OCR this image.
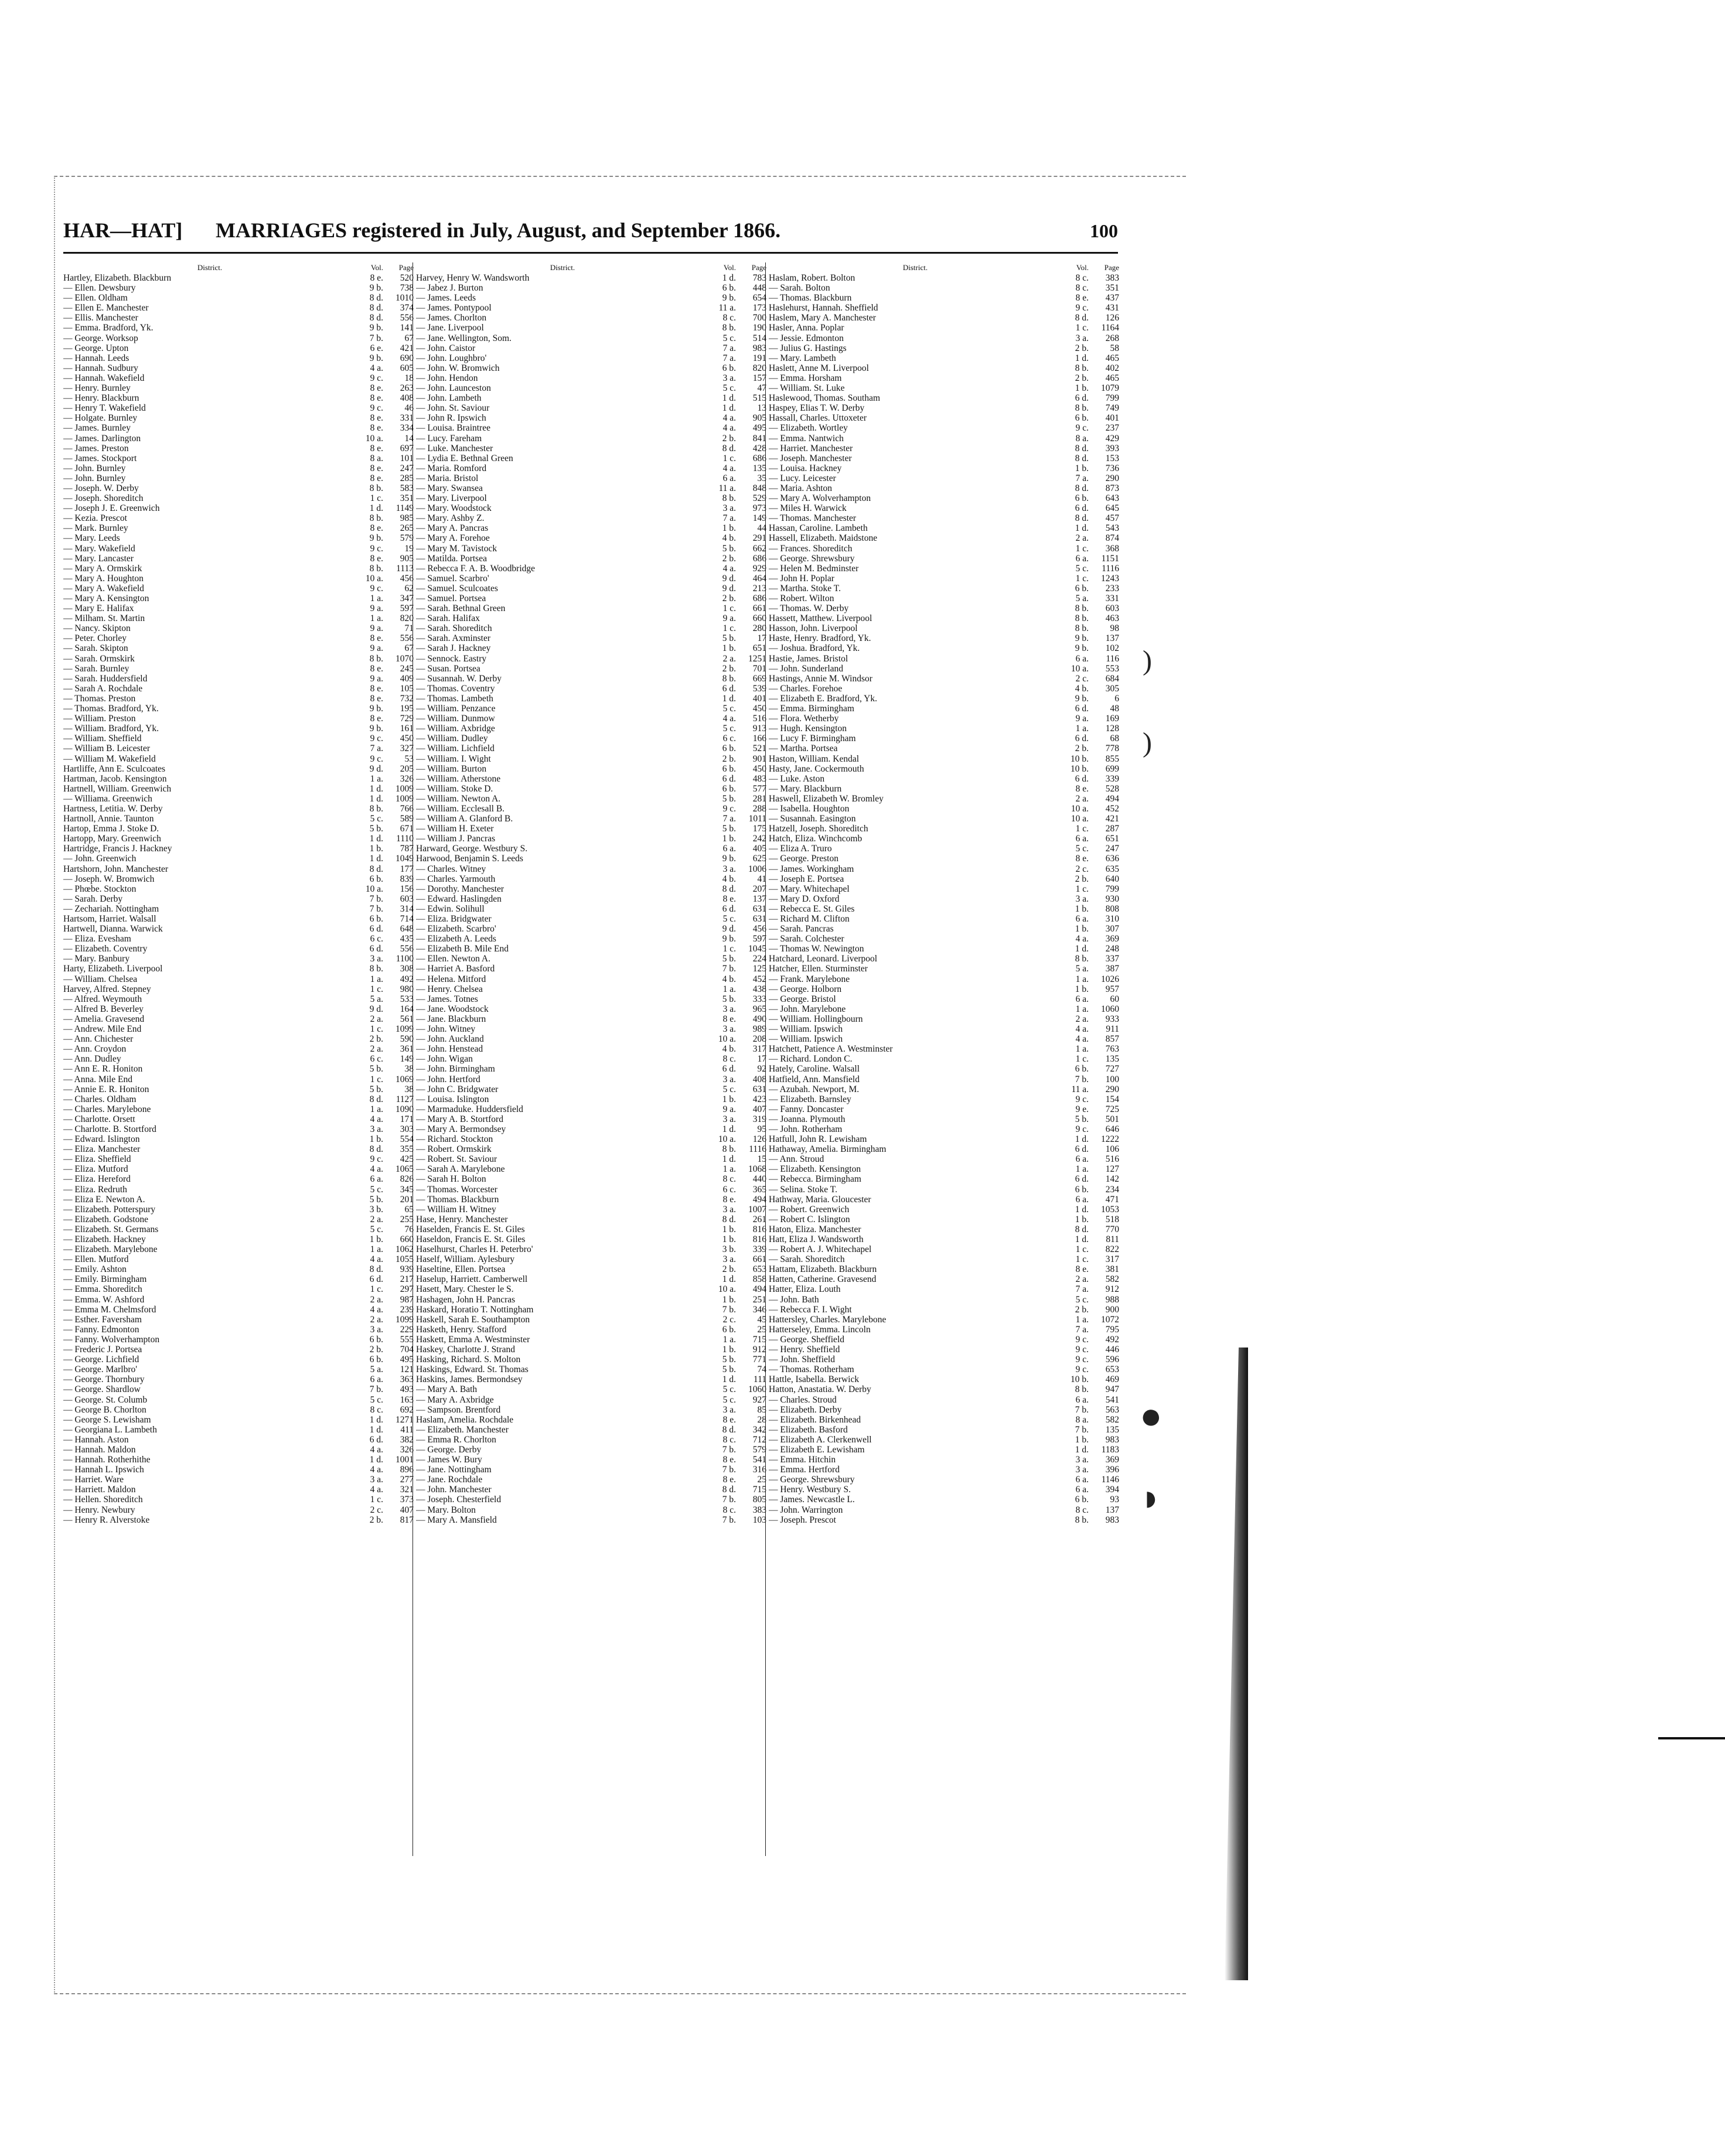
HAR—HAT]	MARRIAGES registered in July, August, and September 1866.	100
District.	Vol.	Page
Hartley, Elizabeth. Blackburn	8 e.	520
— Ellen. Dewsbury	9 b.	738
— Ellen. Oldham	8 d.	1010
— Ellen E. Manchester	8 d.	374
— Ellis. Manchester	8 d.	556
— Emma. Bradford, Yk.	9 b.	141
— George. Worksop	7 b.	67
— George. Upton	6 e.	421
— Hannah. Leeds	9 b.	690
— Hannah. Sudbury	4 a.	605
— Hannah. Wakefield	9 c.	18
— Henry. Burnley	8 e.	263
— Henry. Blackburn	8 e.	408
— Henry T. Wakefield	9 c.	46
— Holgate. Burnley	8 e.	331
— James. Burnley	8 e.	334
— James. Darlington	10 a.	14
— James. Preston	8 e.	697
— James. Stockport	8 a.	101
— John. Burnley	8 e.	247
— John. Burnley	8 e.	285
— Joseph. W. Derby	8 b.	583
— Joseph. Shoreditch	1 c.	351
— Joseph J. E. Greenwich	1 d.	1149
— Kezia. Prescot	8 b.	985
— Mark. Burnley	8 e.	265
— Mary. Leeds	9 b.	579
— Mary. Wakefield	9 c.	19
— Mary. Lancaster	8 e.	905
— Mary A. Ormskirk	8 b.	1113
— Mary A. Houghton	10 a.	456
— Mary A. Wakefield	9 c.	62
— Mary A. Kensington	1 a.	347
— Mary E. Halifax	9 a.	597
— Milham. St. Martin	1 a.	820
— Nancy. Skipton	9 a.	71
— Peter. Chorley	8 e.	556
— Sarah. Skipton	9 a.	67
— Sarah. Ormskirk	8 b.	1070
— Sarah. Burnley	8 e.	245
— Sarah. Huddersfield	9 a.	409
— Sarah A. Rochdale	8 e.	105
— Thomas. Preston	8 e.	732
— Thomas. Bradford, Yk.	9 b.	195
— William. Preston	8 e.	729
— William. Bradford, Yk.	9 b.	161
— William. Sheffield	9 c.	450
— William B. Leicester	7 a.	327
— William M. Wakefield	9 c.	53
Hartliffe, Ann E. Sculcoates	9 d.	205
Hartman, Jacob. Kensington	1 a.	326
Hartnell, William. Greenwich	1 d.	1009
— Williama. Greenwich	1 d.	1009
Hartness, Letitia. W. Derby	8 b.	766
Hartnoll, Annie. Taunton	5 c.	589
Hartop, Emma J. Stoke D.	5 b.	671
Hartopp, Mary. Greenwich	1 d.	1110
Hartridge, Francis J. Hackney	1 b.	787
— John. Greenwich	1 d.	1049
Hartshorn, John. Manchester	8 d.	177
— Joseph. W. Bromwich	6 b.	839
— Phœbe. Stockton	10 a.	156
— Sarah. Derby	7 b.	603
— Zechariah. Nottingham	7 b.	314
Hartsom, Harriet. Walsall	6 b.	714
Hartwell, Dianna. Warwick	6 d.	648
— Eliza. Evesham	6 c.	435
— Elizabeth. Coventry	6 d.	556
— Mary. Banbury	3 a.	1100
Harty, Elizabeth. Liverpool	8 b.	308
— William. Chelsea	1 a.	492
Harvey, Alfred. Stepney	1 c.	980
— Alfred. Weymouth	5 a.	533
— Alfred B. Beverley	9 d.	164
— Amelia. Gravesend	2 a.	561
— Andrew. Mile End	1 c.	1099
— Ann. Chichester	2 b.	590
— Ann. Croydon	2 a.	361
— Ann. Dudley	6 c.	149
— Ann E. R. Honiton	5 b.	38
— Anna. Mile End	1 c.	1069
— Annie E. R. Honiton	5 b.	38
— Charles. Oldham	8 d.	1127
— Charles. Marylebone	1 a.	1090
— Charlotte. Orsett	4 a.	171
— Charlotte. B. Stortford	3 a.	303
— Edward. Islington	1 b.	554
— Eliza. Manchester	8 d.	355
— Eliza. Sheffield	9 c.	425
— Eliza. Mutford	4 a.	1065
— Eliza. Hereford	6 a.	826
— Eliza. Redruth	5 c.	345
— Eliza E. Newton A.	5 b.	201
— Elizabeth. Potterspury	3 b.	65
— Elizabeth. Godstone	2 a.	255
— Elizabeth. St. Germans	5 c.	76
— Elizabeth. Hackney	1 b.	660
— Elizabeth. Marylebone	1 a.	1062
— Ellen. Mutford	4 a.	1055
— Emily. Ashton	8 d.	939
— Emily. Birmingham	6 d.	217
— Emma. Shoreditch	1 c.	297
— Emma. W. Ashford	2 a.	987
— Emma M. Chelmsford	4 a.	239
— Esther. Faversham	2 a.	1099
— Fanny. Edmonton	3 a.	229
— Fanny. Wolverhampton	6 b.	555
— Frederic J. Portsea	2 b.	704
— George. Lichfield	6 b.	495
— George. Marlbro'	5 a.	121
— George. Thornbury	6 a.	363
— George. Shardlow	7 b.	493
— George. St. Columb	5 c.	163
— George B. Chorlton	8 c.	692
— George S. Lewisham	1 d.	1271
— Georgiana L. Lambeth	1 d.	411
— Hannah. Aston	6 d.	382
— Hannah. Maldon	4 a.	326
— Hannah. Rotherhithe	1 d.	1001
— Hannah L. Ipswich	4 a.	896
— Harriet. Ware	3 a.	277
— Harriett. Maldon	4 a.	321
— Hellen. Shoreditch	1 c.	373
— Henry. Newbury	2 c.	407
— Henry R. Alverstoke	2 b.	817
District.	Vol.	Page
Harvey, Henry W. Wandsworth	1 d.	783
— Jabez J. Burton	6 b.	448
— James. Leeds	9 b.	654
— James. Pontypool	11 a.	173
— James. Chorlton	8 c.	700
— Jane. Liverpool	8 b.	190
— Jane. Wellington, Som.	5 c.	514
— John. Caistor	7 a.	983
— John. Loughbro'	7 a.	191
— John. W. Bromwich	6 b.	820
— John. Hendon	3 a.	157
— John. Launceston	5 c.	47
— John. Lambeth	1 d.	515
— John. St. Saviour	1 d.	13
— John R. Ipswich	4 a.	905
— Louisa. Braintree	4 a.	495
— Lucy. Fareham	2 b.	841
— Luke. Manchester	8 d.	428
— Lydia E. Bethnal Green	1 c.	686
— Maria. Romford	4 a.	135
— Maria. Bristol	6 a.	35
— Mary. Swansea	11 a.	848
— Mary. Liverpool	8 b.	529
— Mary. Woodstock	3 a.	973
— Mary. Ashby Z.	7 a.	149
— Mary A. Pancras	1 b.	44
— Mary A. Forehoe	4 b.	291
— Mary M. Tavistock	5 b.	662
— Matilda. Portsea	2 b.	686
— Rebecca F. A. B. Woodbridge	4 a.	929
— Samuel. Scarbro'	9 d.	464
— Samuel. Sculcoates	9 d.	213
— Samuel. Portsea	2 b.	686
— Sarah. Bethnal Green	1 c.	661
— Sarah. Halifax	9 a.	660
— Sarah. Shoreditch	1 c.	280
— Sarah. Axminster	5 b.	17
— Sarah J. Hackney	1 b.	651
— Sennock. Eastry	2 a.	1251
— Susan. Portsea	2 b.	701
— Susannah. W. Derby	8 b.	669
— Thomas. Coventry	6 d.	539
— Thomas. Lambeth	1 d.	401
— William. Penzance	5 c.	450
— William. Dunmow	4 a.	516
— William. Axbridge	5 c.	913
— William. Dudley	6 c.	166
— William. Lichfield	6 b.	521
— William. I. Wight	2 b.	901
— William. Burton	6 b.	450
— William. Atherstone	6 d.	483
— William. Stoke D.	6 b.	577
— William. Newton A.	5 b.	281
— William. Ecclesall B.	9 c.	288
— William A. Glanford B.	7 a.	1011
— William H. Exeter	5 b.	175
— William J. Pancras	1 b.	242
Harward, George. Westbury S.	6 a.	405
Harwood, Benjamin S. Leeds	9 b.	625
— Charles. Witney	3 a.	1006
— Charles. Yarmouth	4 b.	41
— Dorothy. Manchester	8 d.	207
— Edward. Haslingden	8 e.	137
— Edwin. Solihull	6 d.	631
— Eliza. Bridgwater	5 c.	631
— Elizabeth. Scarbro'	9 d.	456
— Elizabeth A. Leeds	9 b.	597
— Elizabeth B. Mile End	1 c.	1045
— Ellen. Newton A.	5 b.	224
— Harriet A. Basford	7 b.	125
— Helena. Mitford	4 b.	452
— Henry. Chelsea	1 a.	438
— James. Totnes	5 b.	333
— Jane. Woodstock	3 a.	965
— Jane. Blackburn	8 e.	490
— John. Witney	3 a.	989
— John. Auckland	10 a.	208
— John. Henstead	4 b.	317
— John. Wigan	8 c.	17
— John. Birmingham	6 d.	92
— John. Hertford	3 a.	408
— John C. Bridgwater	5 c.	631
— Louisa. Islington	1 b.	423
— Marmaduke. Huddersfield	9 a.	407
— Mary A. B. Stortford	3 a.	319
— Mary A. Bermondsey	1 d.	95
— Richard. Stockton	10 a.	126
— Robert. Ormskirk	8 b.	1116
— Robert. St. Saviour	1 d.	15
— Sarah A. Marylebone	1 a.	1068
— Sarah H. Bolton	8 c.	440
— Thomas. Worcester	6 c.	365
— Thomas. Blackburn	8 e.	494
— William H. Witney	3 a.	1007
Hase, Henry. Manchester	8 d.	261
Haselden, Francis E. St. Giles	1 b.	816
Haseldon, Francis E. St. Giles	1 b.	816
Haselhurst, Charles H. Peterbro'	3 b.	339
Haself, William. Aylesbury	3 a.	661
Haseltine, Ellen. Portsea	2 b.	653
Haselup, Harriett. Camberwell	1 d.	858
Hasett, Mary. Chester le S.	10 a.	494
Hashagen, John H. Pancras	1 b.	251
Haskard, Horatio T. Nottingham	7 b.	346
Haskell, Sarah E. Southampton	2 c.	45
Hasketh, Henry. Stafford	6 b.	25
Haskett, Emma A. Westminster	1 a.	715
Haskey, Charlotte J. Strand	1 b.	912
Hasking, Richard. S. Molton	5 b.	771
Haskings, Edward. St. Thomas	5 b.	74
Haskins, James. Bermondsey	1 d.	111
— Mary A. Bath	5 c.	1060
— Mary A. Axbridge	5 c.	927
— Sampson. Brentford	3 a.	85
Haslam, Amelia. Rochdale	8 e.	28
— Elizabeth. Manchester	8 d.	342
— Emma R. Chorlton	8 c.	712
— George. Derby	7 b.	579
— James W. Bury	8 e.	541
— Jane. Nottingham	7 b.	316
— Jane. Rochdale	8 e.	25
— John. Manchester	8 d.	715
— Joseph. Chesterfield	7 b.	805
— Mary. Bolton	8 c.	383
— Mary A. Mansfield	7 b.	103
District.	Vol.	Page
Haslam, Robert. Bolton	8 c.	383
— Sarah. Bolton	8 c.	351
— Thomas. Blackburn	8 e.	437
Haslehurst, Hannah. Sheffield	9 c.	431
Haslem, Mary A. Manchester	8 d.	126
Hasler, Anna. Poplar	1 c.	1164
— Jessie. Edmonton	3 a.	268
— Julius G. Hastings	2 b.	58
— Mary. Lambeth	1 d.	465
Haslett, Anne M. Liverpool	8 b.	402
— Emma. Horsham	2 b.	465
— William. St. Luke	1 b.	1079
Haslewood, Thomas. Southam	6 d.	799
Haspey, Elias T. W. Derby	8 b.	749
Hassall, Charles. Uttoxeter	6 b.	401
— Elizabeth. Wortley	9 c.	237
— Emma. Nantwich	8 a.	429
— Harriet. Manchester	8 d.	393
— Joseph. Manchester	8 d.	153
— Louisa. Hackney	1 b.	736
— Lucy. Leicester	7 a.	290
— Maria. Ashton	8 d.	873
— Mary A. Wolverhampton	6 b.	643
— Miles H. Warwick	6 d.	645
— Thomas. Manchester	8 d.	457
Hassan, Caroline. Lambeth	1 d.	543
Hassell, Elizabeth. Maidstone	2 a.	874
— Frances. Shoreditch	1 c.	368
— George. Shrewsbury	6 a.	1151
— Helen M. Bedminster	5 c.	1116
— John H. Poplar	1 c.	1243
— Martha. Stoke T.	6 b.	233
— Robert. Wilton	5 a.	331
— Thomas. W. Derby	8 b.	603
Hassett, Matthew. Liverpool	8 b.	463
Hasson, John. Liverpool	8 b.	98
Haste, Henry. Bradford, Yk.	9 b.	137
— Joshua. Bradford, Yk.	9 b.	102
Hastie, James. Bristol	6 a.	116
— John. Sunderland	10 a.	553
Hastings, Annie M. Windsor	2 c.	684
— Charles. Forehoe	4 b.	305
— Elizabeth E. Bradford, Yk.	9 b.	6
— Emma. Birmingham	6 d.	48
— Flora. Wetherby	9 a.	169
— Hugh. Kensington	1 a.	128
— Lucy F. Birmingham	6 d.	68
— Martha. Portsea	2 b.	778
Haston, William. Kendal	10 b.	855
Hasty, Jane. Cockermouth	10 b.	699
— Luke. Aston	6 d.	339
— Mary. Blackburn	8 e.	528
Haswell, Elizabeth W. Bromley	2 a.	494
— Isabella. Houghton	10 a.	452
— Susannah. Easington	10 a.	421
Hatzell, Joseph. Shoreditch	1 c.	287
Hatch, Eliza. Winchcomb	6 a.	651
— Eliza A. Truro	5 c.	247
— George. Preston	8 e.	636
— James. Workingham	2 c.	635
— Joseph E. Portsea	2 b.	640
— Mary. Whitechapel	1 c.	799
— Mary D. Oxford	3 a.	930
— Rebecca E. St. Giles	1 b.	808
— Richard M. Clifton	6 a.	310
— Sarah. Pancras	1 b.	307
— Sarah. Colchester	4 a.	369
— Thomas W. Newington	1 d.	248
Hatchard, Leonard. Liverpool	8 b.	337
Hatcher, Ellen. Sturminster	5 a.	387
— Frank. Marylebone	1 a.	1026
— George. Holborn	1 b.	957
— George. Bristol	6 a.	60
— John. Marylebone	1 a.	1060
— William. Hollingbourn	2 a.	933
— William. Ipswich	4 a.	911
— William. Ipswich	4 a.	857
Hatchett, Patience A. Westminster	1 a.	763
— Richard. London C.	1 c.	135
Hately, Caroline. Walsall	6 b.	727
Hatfield, Ann. Mansfield	7 b.	100
— Azubah. Newport, M.	11 a.	290
— Elizabeth. Barnsley	9 c.	154
— Fanny. Doncaster	9 e.	725
— Joanna. Plymouth	5 b.	501
— John. Rotherham	9 c.	646
Hatfull, John R. Lewisham	1 d.	1222
Hathaway, Amelia. Birmingham	6 d.	106
— Ann. Stroud	6 a.	516
— Elizabeth. Kensington	1 a.	127
— Rebecca. Birmingham	6 d.	142
— Selina. Stoke T.	6 b.	234
Hathway, Maria. Gloucester	6 a.	471
— Robert. Greenwich	1 d.	1053
— Robert C. Islington	1 b.	518
Haton, Eliza. Manchester	8 d.	770
Hatt, Eliza J. Wandsworth	1 d.	811
— Robert A. J. Whitechapel	1 c.	822
— Sarah. Shoreditch	1 c.	317
Hattam, Elizabeth. Blackburn	8 e.	381
Hatten, Catherine. Gravesend	2 a.	582
Hatter, Eliza. Louth	7 a.	912
— John. Bath	5 c.	988
— Rebecca F. I. Wight	2 b.	900
Hattersley, Charles. Marylebone	1 a.	1072
Hatterseley, Emma. Lincoln	7 a.	795
— George. Sheffield	9 c.	492
— Henry. Sheffield	9 c.	446
— John. Sheffield	9 c.	596
— Thomas. Rotherham	9 c.	653
Hattle, Isabella. Berwick	10 b.	469
Hatton, Anastatia. W. Derby	8 b.	947
— Charles. Stroud	6 a.	541
— Elizabeth. Derby	7 b.	563
— Elizabeth. Birkenhead	8 a.	582
— Elizabeth. Basford	7 b.	135
— Elizabeth A. Clerkenwell	1 b.	983
— Elizabeth E. Lewisham	1 d.	1183
— Emma. Hitchin	3 a.	369
— Emma. Hertford	3 a.	396
— George. Shrewsbury	6 a.	1146
— Henry. Westbury S.	6 a.	394
— James. Newcastle L.	6 b.	93
— John. Warrington	8 c.	137
— Joseph. Prescot	8 b.	983
)
)
●
◗
